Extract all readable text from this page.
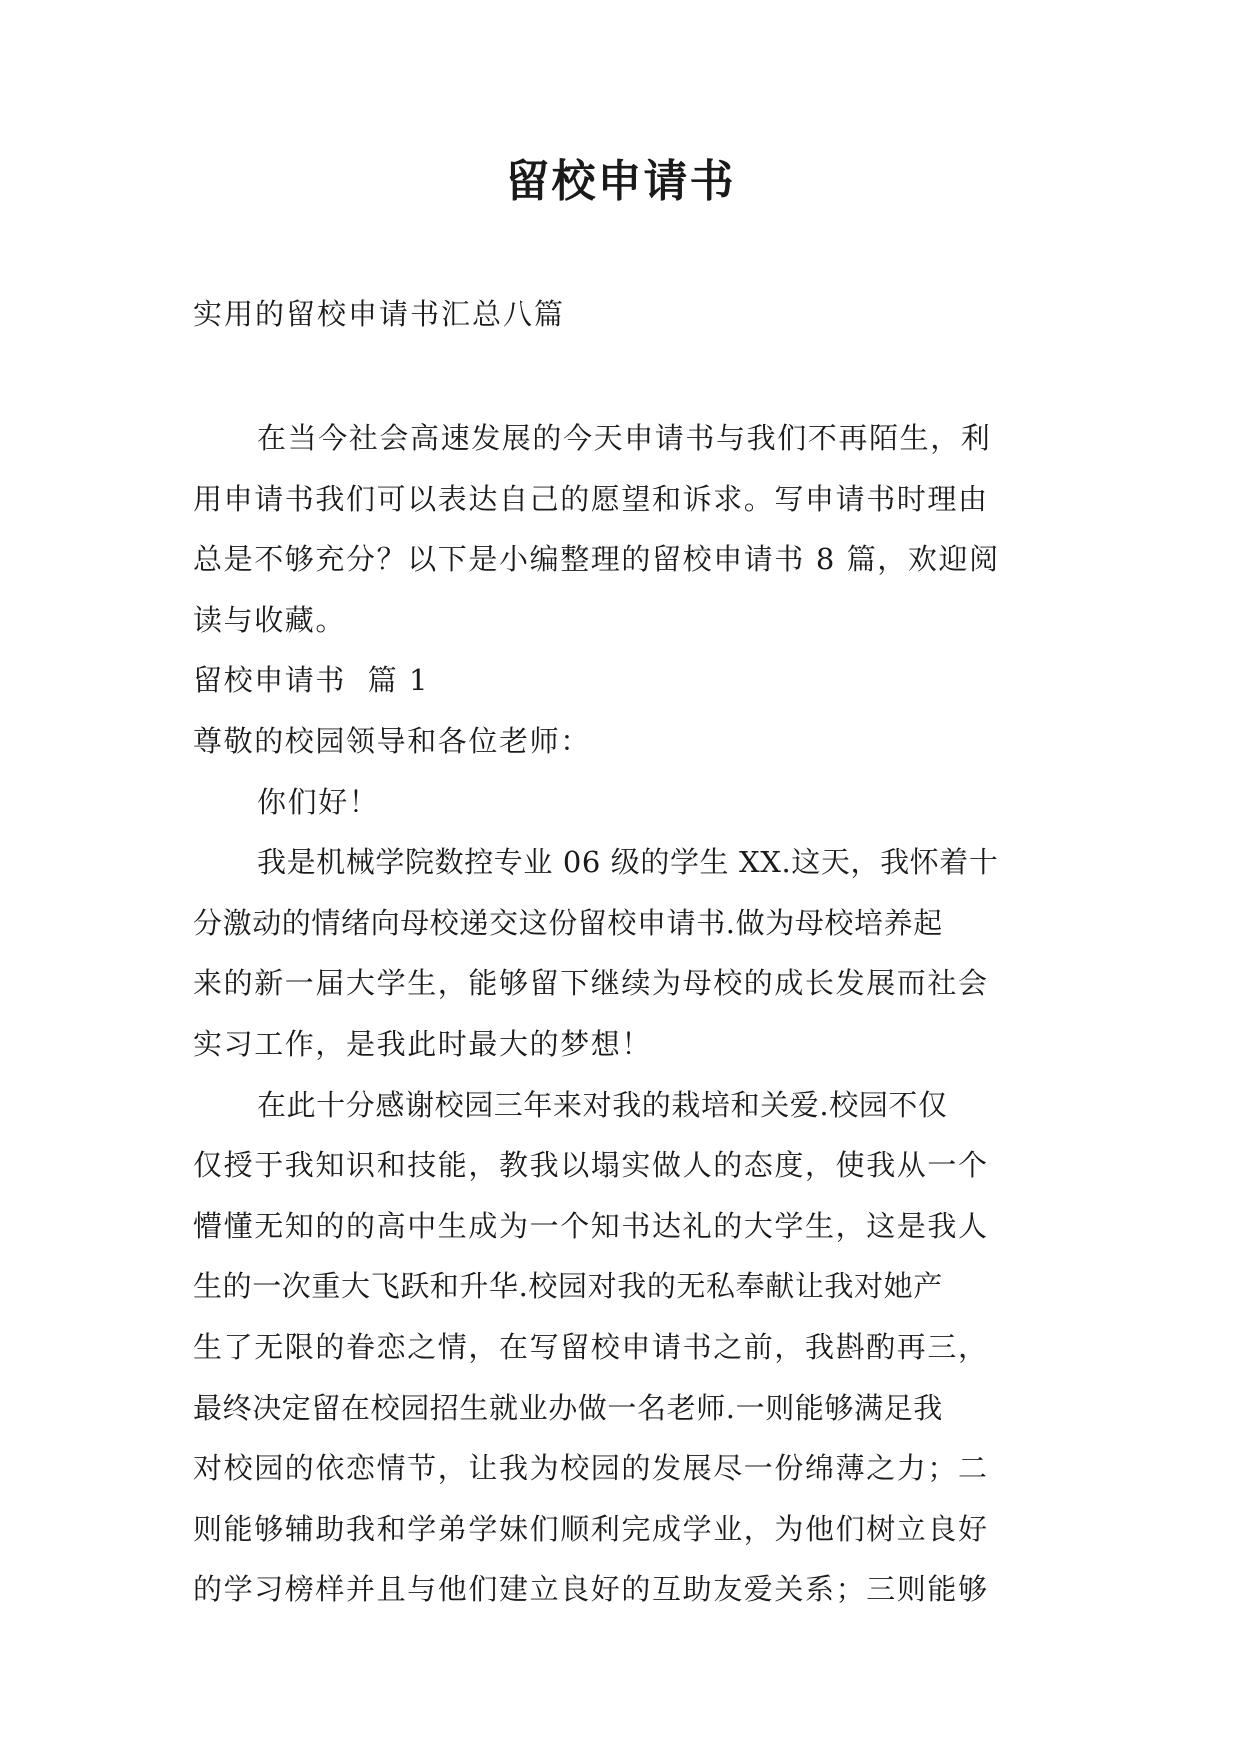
留校申请书
实用的留校申请书汇总八篇
在当今社会高速发展的今天申请书与我们不再陌生，利
用申请书我们可以表达自己的愿望和诉求。写申请书时理由
总是不够充分？以下是小编整理的留校申请书 8 篇，欢迎阅
读与收藏。
留校申请书  篇 1
尊敬的校园领导和各位老师：
你们好！
我是机械学院数控专业 06 级的学生 XX.这天，我怀着十
分激动的情绪向母校递交这份留校申请书.做为母校培养起
来的新一届大学生，能够留下继续为母校的成长发展而社会
实习工作，是我此时最大的梦想！
在此十分感谢校园三年来对我的栽培和关爱.校园不仅
仅授于我知识和技能，教我以塌实做人的态度，使我从一个
懵懂无知的的高中生成为一个知书达礼的大学生，这是我人
生的一次重大飞跃和升华.校园对我的无私奉献让我对她产
生了无限的眷恋之情，在写留校申请书之前，我斟酌再三，
最终决定留在校园招生就业办做一名老师.一则能够满足我
对校园的依恋情节，让我为校园的发展尽一份绵薄之力；二
则能够辅助我和学弟学妹们顺利完成学业，为他们树立良好
的学习榜样并且与他们建立良好的互助友爱关系；三则能够
